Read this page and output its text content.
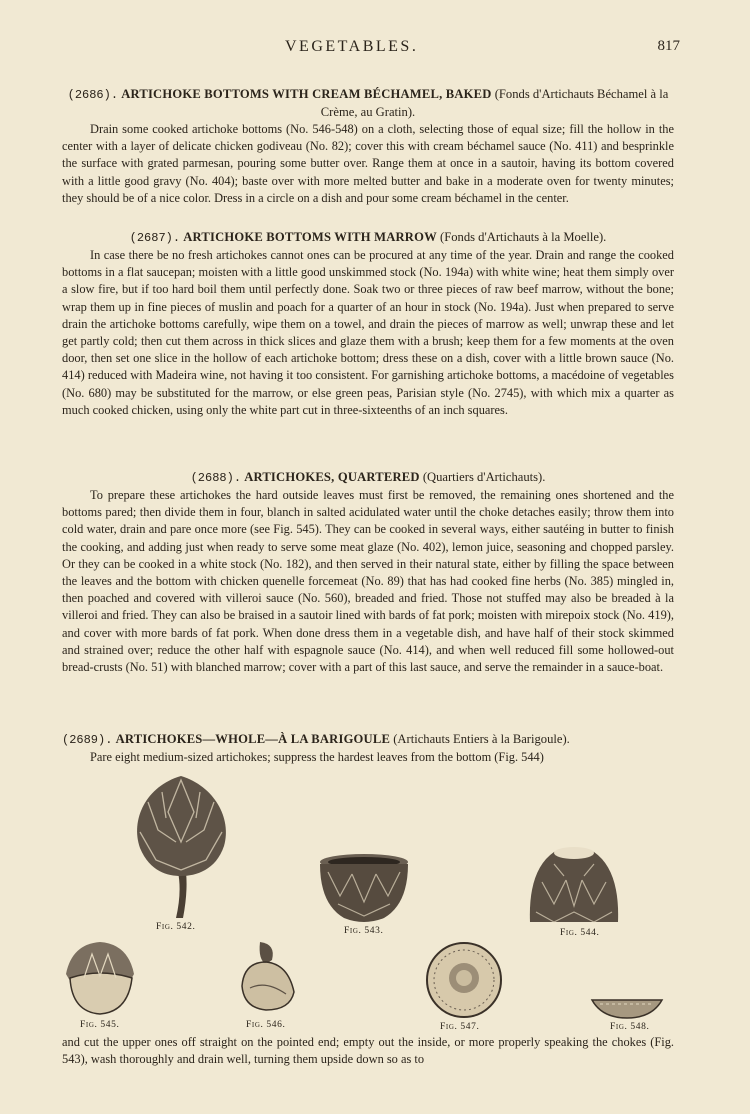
VEGETABLES.	817

(2686). ARTICHOKE BOTTOMS WITH CREAM BÉCHAMEL, BAKED (Fonds d'Artichauts Béchamel à la Crème, au Gratin).

Drain some cooked artichoke bottoms (No. 546-548) on a cloth, selecting those of equal size; fill the hollow in the center with a layer of delicate chicken godiveau (No. 82); cover this with cream béchamel sauce (No. 411) and besprinkle the surface with grated parmesan, pouring some butter over. Range them at once in a sautoir, having its bottom covered with a little good gravy (No. 404); baste over with more melted butter and bake in a moderate oven for twenty minutes; they should be of a nice color. Dress in a circle on a dish and pour some cream béchamel in the center.

(2687). ARTICHOKE BOTTOMS WITH MARROW (Fonds d'Artichauts à la Moelle).

In case there be no fresh artichokes cannot ones can be procured at any time of the year. Drain and range the cooked bottoms in a flat saucepan; moisten with a little good unskimmed stock (No. 194a) with white wine; heat them simply over a slow fire, but if too hard boil them until perfectly done. Soak two or three pieces of raw beef marrow, without the bone; wrap them up in fine pieces of muslin and poach for a quarter of an hour in stock (No. 194a). Just when prepared to serve drain the artichoke bottoms carefully, wipe them on a towel, and drain the pieces of marrow as well; unwrap these and let get partly cold; then cut them across in thick slices and glaze them with a brush; keep them for a few moments at the oven door, then set one slice in the hollow of each artichoke bottom; dress these on a dish, cover with a little brown sauce (No. 414) reduced with Madeira wine, not having it too consistent. For garnishing artichoke bottoms, a macédoine of vegetables (No. 680) may be substituted for the marrow, or else green peas, Parisian style (No. 2745), with which mix a quarter as much cooked chicken, using only the white part cut in three-sixteenths of an inch squares.

(2688). ARTICHOKES, QUARTERED (Quartiers d'Artichauts).

To prepare these artichokes the hard outside leaves must first be removed, the remaining ones shortened and the bottoms pared; then divide them in four, blanch in salted acidulated water until the choke detaches easily; throw them into cold water, drain and pare once more (see Fig. 545). They can be cooked in several ways, either sautéing in butter to finish the cooking, and adding just when ready to serve some meat glaze (No. 402), lemon juice, seasoning and chopped parsley. Or they can be cooked in a white stock (No. 182), and then served in their natural state, either by filling the space between the leaves and the bottom with chicken quenelle forcemeat (No. 89) that has had cooked fine herbs (No. 385) mingled in, then poached and covered with villeroi sauce (No. 560), breaded and fried. Those not stuffed may also be breaded à la villeroi and fried. They can also be braised in a sautoir lined with bards of fat pork; moisten with mirepoix stock (No. 419), and cover with more bards of fat pork. When done dress them in a vegetable dish, and have half of their stock skimmed and strained over; reduce the other half with espagnole sauce (No. 414), and when well reduced fill some hollowed-out bread-crusts (No. 51) with blanched marrow; cover with a part of this last sauce, and serve the remainder in a sauce-boat.

(2689). ARTICHOKES—WHOLE—À LA BARIGOULE (Artichauts Entiers à la Barigoule).

Pare eight medium-sized artichokes; suppress the hardest leaves from the bottom (Fig. 544)

Fig. 542.	Fig. 543.	Fig. 544.
Fig. 545.	Fig. 546.	Fig. 547.	Fig. 548.

and cut the upper ones off straight on the pointed end; empty out the inside, or more properly speaking the chokes (Fig. 543), wash thoroughly and drain well, turning them upside down so as to
